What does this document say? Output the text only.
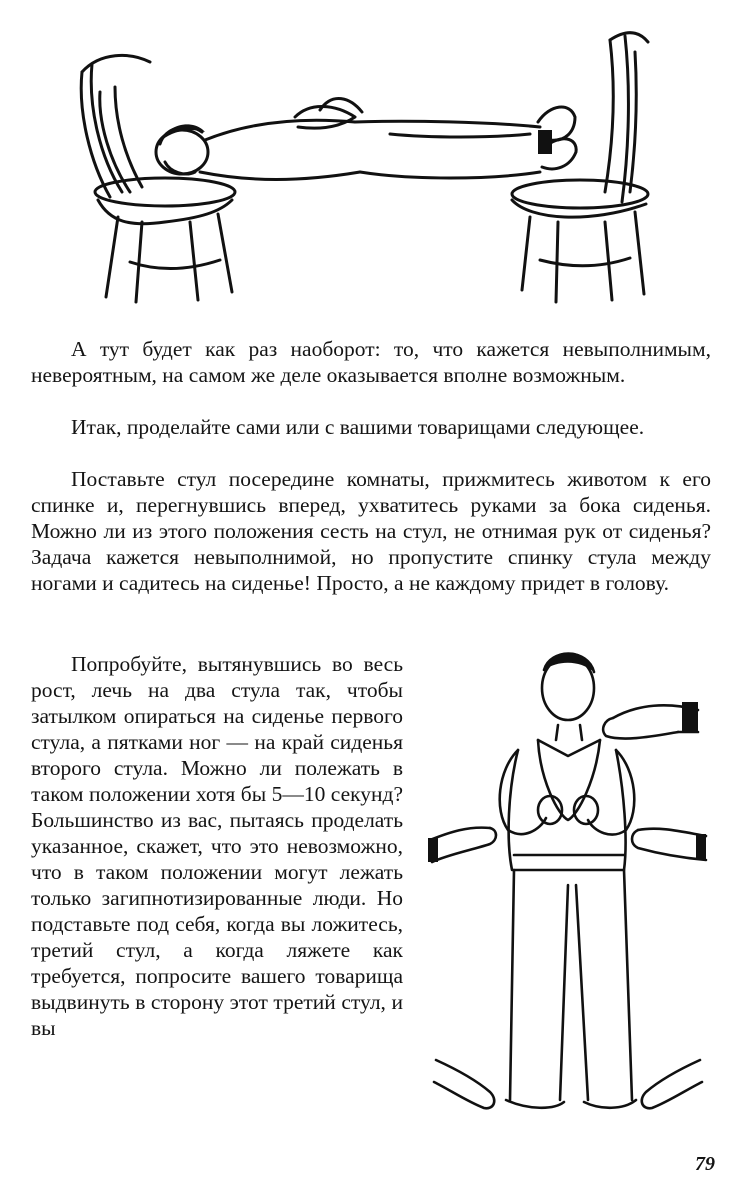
А тут будет как раз наоборот: то, что кажется невыполнимым, невероятным, на самом же деле оказывается вполне возможным.

Итак, проделайте сами или с вашими товарищами следующее.

Поставьте стул посередине комнаты, прижмитесь животом к его спинке и, перегнувшись вперед, ухватитесь руками за бока сиденья. Можно ли из этого положения сесть на стул, не отнимая рук от сиденья? Задача кажется невыполнимой, но пропустите спинку стула между ногами и садитесь на сиденье! Просто, а не каждому придет в голову.

Попробуйте, вытянувшись во весь рост, лечь на два стула так, чтобы затылком опираться на сиденье первого стула, а пятками ног — на край сиденья второго стула. Можно ли полежать в таком положении хотя бы 5—10 секунд? Большинство из вас, пытаясь проделать указанное, скажет, что это невозможно, что в таком положении могут лежать только загипнотизированные люди. Но подставьте под себя, когда вы ложитесь, третий стул, а когда ляжете как требуется, попросите вашего товарища выдвинуть в сторону этот третий стул, и вы

79
